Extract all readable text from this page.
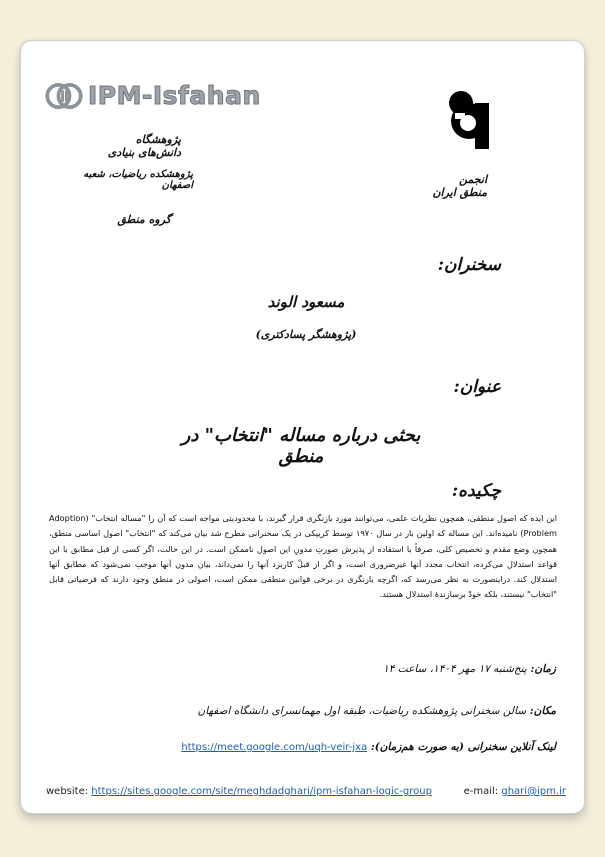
IPM-Isfahan
پژوهشگاه دانش‌های بنیادی
پژوهشکده ریاضیات، شعبه اصفهان
گروه منطق
انجمن منطق ایران
سخنران:
مسعود الوند
(پژوهشگر پسادکتری)
عنوان:
بحثی درباره مساله "انتخاب" در منطق
چکیده:
این ایده که اصول منطقی، همچون نظریات علمی، می‌توانند مورد بازنگری قرار گیرند، با محدودیتی مواجه است که آن را "مساله انتخاب" (Adoption Problem) نامیده‌اند. این مساله که اولین بار در سال ۱۹۷۰ توسط کریپکی در یک سخنرانی مطرح شد بیان می‌کند که "انتخاب" اصول اساسی منطق، همچون وضع مقدم و تخصیص کلی، صرفاً با استفاده از پذیرش صورتِ مدونِ این اصول ناممکن است. در این حالت، اگر کسی از قبل مطابق با این قواعد استدلال می‌کرده، انتخاب مجدد آنها غیرضروری است، و اگر از قبلْ کاربرد آنها را نمی‌داند، بیان مدون آنها موجب نمی‌شود که مطابق آنها استدلال کند. دراینصورت به نظر می‌رسد که، اگرچه بازنگری در برخی قوانین منطقی ممکن است، اصولی در منطق وجود دارند که فرضیاتی قابل "انتخاب" نیستند، بلکه خودْ برسازندهٔ استدلال هستند.
زمان: پنج‌شنبه ۱۷ مهر ۱۴۰۴، ساعت ۱۴
مکان: سالن سخنرانی پژوهشکده ریاضیات، طبقه اول مهمانسرای دانشگاه اصفهان
لینک آنلاین سخنرانی (به صورت هم‌زمان): https://meet.google.com/uqh-veir-jxa
website: https://sites.google.com/site/meghdadghari/ipm-isfahan-logic-group	e-mail: ghari@ipm.ir
